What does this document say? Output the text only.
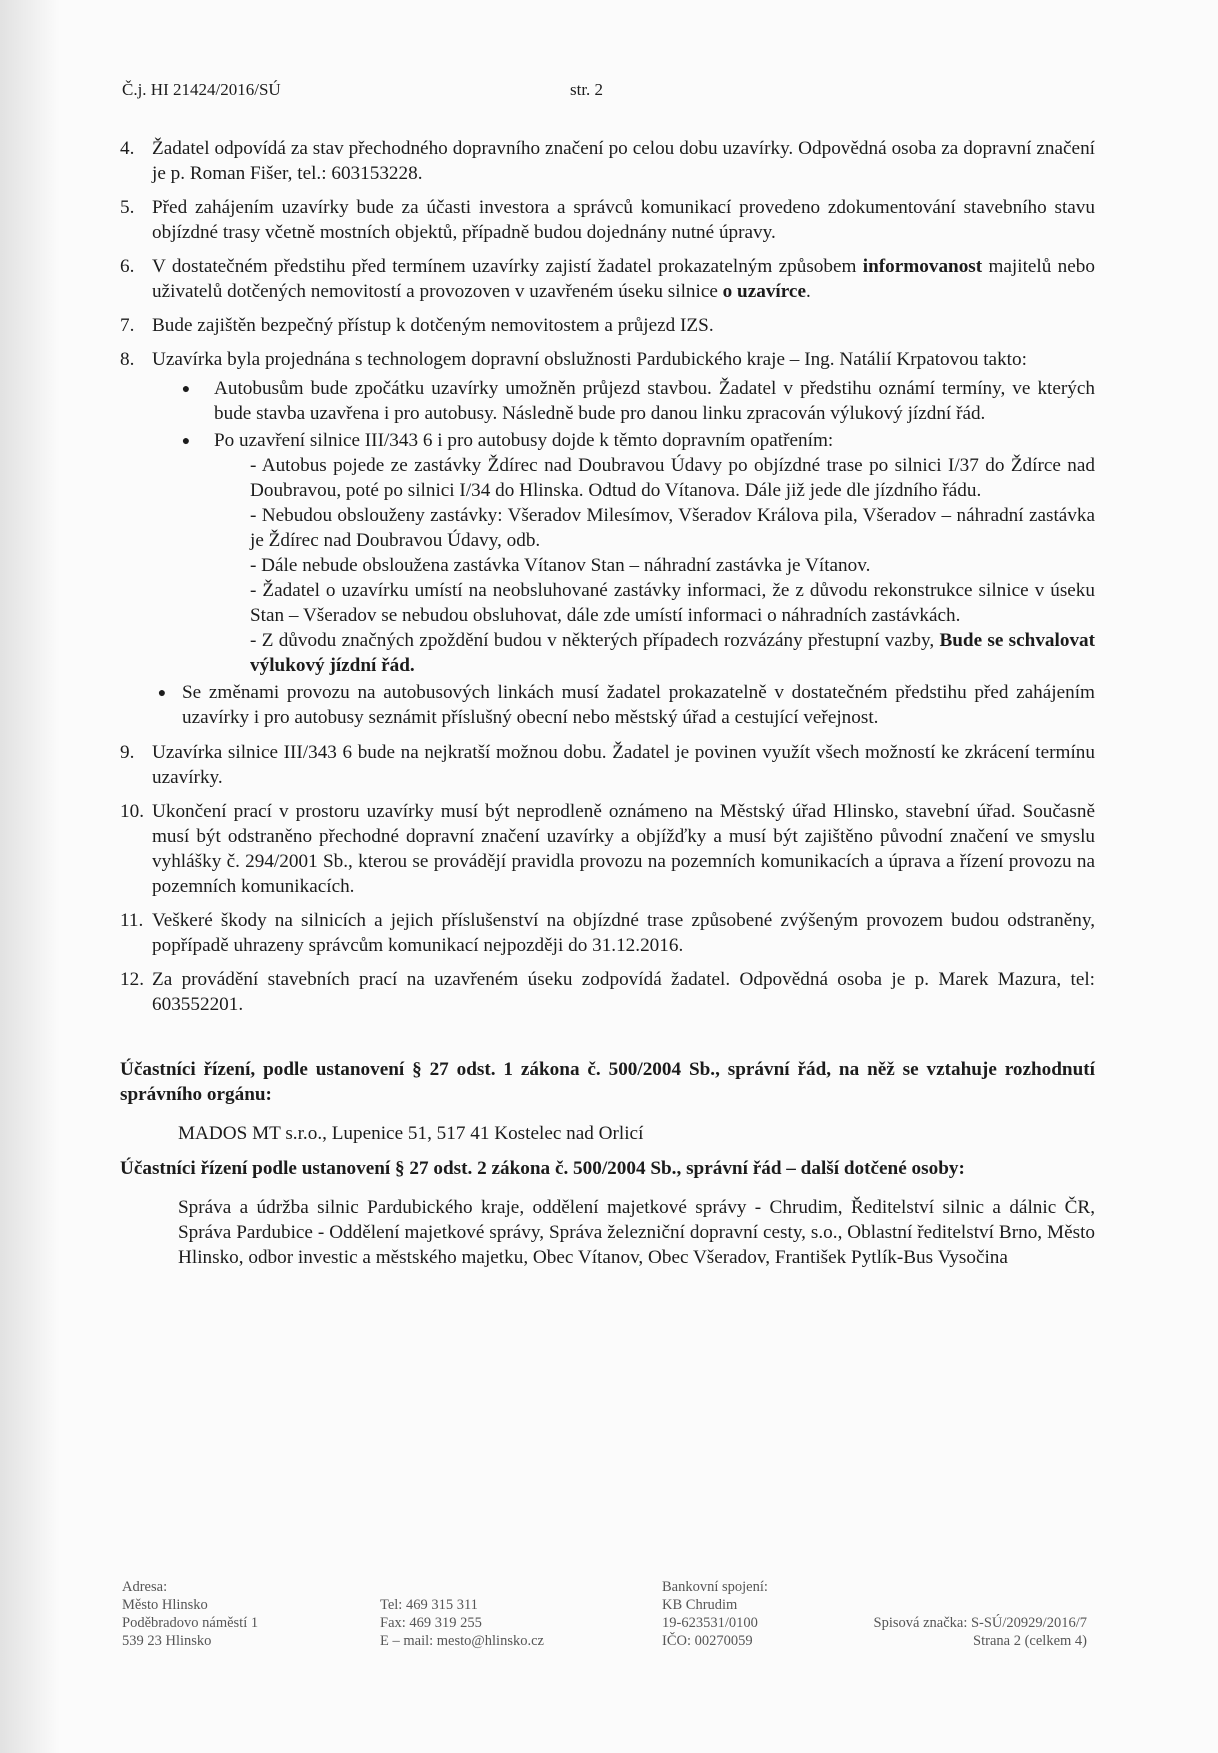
Č.j. HI 21424/2016/SÚ	str. 2
4. Žadatel odpovídá za stav přechodného dopravního značení po celou dobu uzavírky. Odpovědná osoba za dopravní značení je p. Roman Fišer, tel.: 603153228.
5. Před zahájením uzavírky bude za účasti investora a správců komunikací provedeno zdokumentování stavebního stavu objízdné trasy včetně mostních objektů, případně budou dojednány nutné úpravy.
6. V dostatečném předstihu před termínem uzavírky zajistí žadatel prokazatelným způsobem informovanost majitelů nebo uživatelů dotčených nemovitostí a provozoven v uzavřeném úseku silnice o uzavírce.
7. Bude zajištěn bezpečný přístup k dotčeným nemovitostem a průjezd IZS.
8. Uzavírka byla projednána s technologem dopravní obslužnosti Pardubického kraje – Ing. Natálií Krpatovou takto:
●	Autobusům bude zpočátku uzavírky umožněn průjezd stavbou. Žadatel v předstihu oznámí termíny, ve kterých bude stavba uzavřena i pro autobusy. Následně bude pro danou linku zpracován výlukový jízdní řád.
●	Po uzavření silnice III/343 6 i pro autobusy dojde k těmto dopravním opatřením:

- Autobus pojede ze zastávky Ždírec nad Doubravou Údavy po objízdné trase po silnici I/37 do Ždírce nad Doubravou, poté po silnici I/34 do Hlinska. Odtud do Vítanova. Dále již jede dle jízdního řádu.

- Nebudou obslouženy zastávky: Všeradov Milesímov, Všeradov Králova pila, Všeradov – náhradní zastávka je Ždírec nad Doubravou Údavy, odb.

- Dále nebude obsloužena zastávka Vítanov Stan – náhradní zastávka je Vítanov.

- Žadatel o uzavírku umístí na neobsluhované zastávky informaci, že z důvodu rekonstrukce silnice v úseku Stan – Všeradov se nebudou obsluhovat, dále zde umístí informaci o náhradních zastávkách.

- Z důvodu značných zpoždění budou v některých případech rozvázány přestupní vazby, Bude se schvalovat výlukový jízdní řád.

● Se změnami provozu na autobusových linkách musí žadatel prokazatelně v dostatečném předstihu před zahájením uzavírky i pro autobusy seznámit příslušný obecní nebo městský úřad a cestující veřejnost.
9. Uzavírka silnice III/343 6 bude na nejkratší možnou dobu. Žadatel je povinen využít všech možností ke zkrácení termínu uzavírky.
10. Ukončení prací v prostoru uzavírky musí být neprodleně oznámeno na Městský úřad Hlinsko, stavební úřad. Současně musí být odstraněno přechodné dopravní značení uzavírky a objížďky a musí být zajištěno původní značení ve smyslu vyhlášky č. 294/2001 Sb., kterou se provádějí pravidla provozu na pozemních komunikacích a úprava a řízení provozu na pozemních komunikacích.
11. Veškeré škody na silnicích a jejich příslušenství na objízdné trase způsobené zvýšeným provozem budou odstraněny, popřípadě uhrazeny správcům komunikací nejpozději do 31.12.2016.
12. Za provádění stavebních prací na uzavřeném úseku zodpovídá žadatel. Odpovědná osoba je p. Marek Mazura, tel: 603552201.

Účastníci řízení, podle ustanovení § 27 odst. 1 zákona č. 500/2004 Sb., správní řád, na něž se vztahuje rozhodnutí správního orgánu:

MADOS MT s.r.o., Lupenice 51, 517 41 Kostelec nad Orlicí

Účastníci řízení podle ustanovení § 27 odst. 2 zákona č. 500/2004 Sb., správní řád – další dotčené osoby:

Správa a údržba silnic Pardubického kraje, oddělení majetkové správy - Chrudim, Ředitelství silnic a dálnic ČR, Správa Pardubice - Oddělení majetkové správy, Správa železniční dopravní cesty, s.o., Oblastní ředitelství Brno, Město Hlinsko, odbor investic a městského majetku, Obec Vítanov, Obec Všeradov, František Pytlík-Bus Vysočina

Adresa:

Město Hlinsko

Poděbradovo náměstí 1

539 23 Hlinsko

Tel: 469 315 311

Fax: 469 319 255

E – mail: mesto@hlinsko.cz

Bankovní spojení:

KB Chrudim

19-623531/0100

IČO: 00270059

Spisová značka: S-SÚ/20929/2016/7

Strana 2 (celkem 4)
